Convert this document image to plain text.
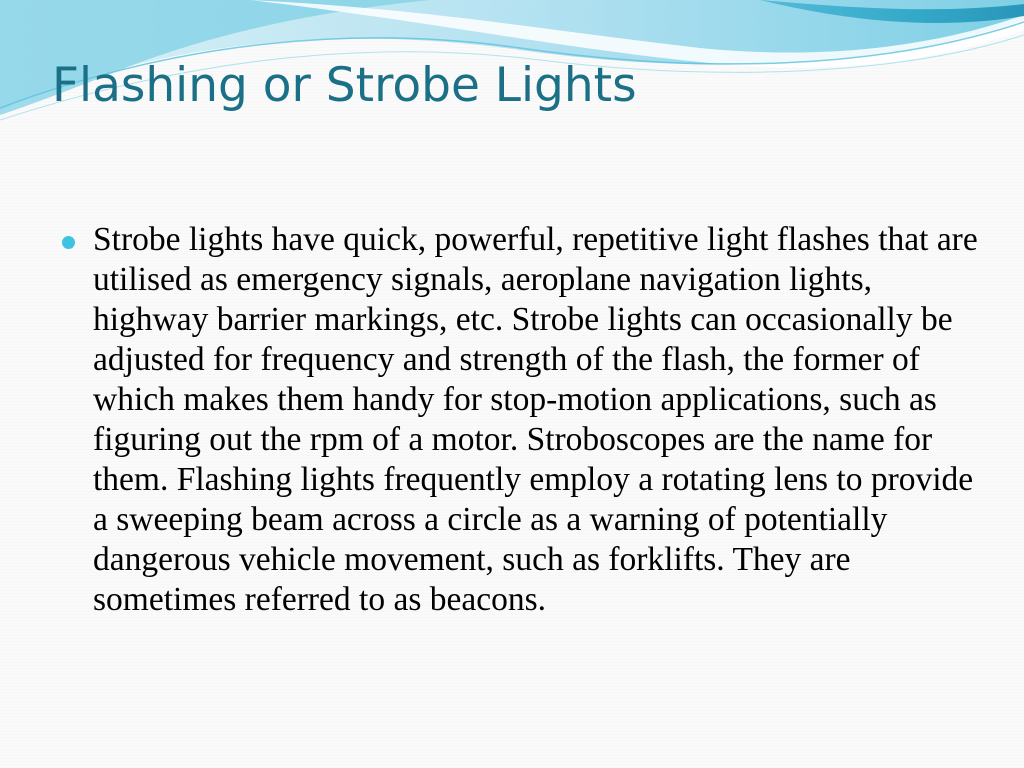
Flashing or Strobe Lights

Strobe lights have quick, powerful, repetitive light flashes that are utilised as emergency signals, aeroplane navigation lights, highway barrier markings, etc. Strobe lights can occasionally be adjusted for frequency and strength of the flash, the former of which makes them handy for stop-motion applications, such as figuring out the rpm of a motor. Stroboscopes are the name for them. Flashing lights frequently employ a rotating lens to provide a sweeping beam across a circle as a warning of potentially dangerous vehicle movement, such as forklifts. They are sometimes referred to as beacons.
